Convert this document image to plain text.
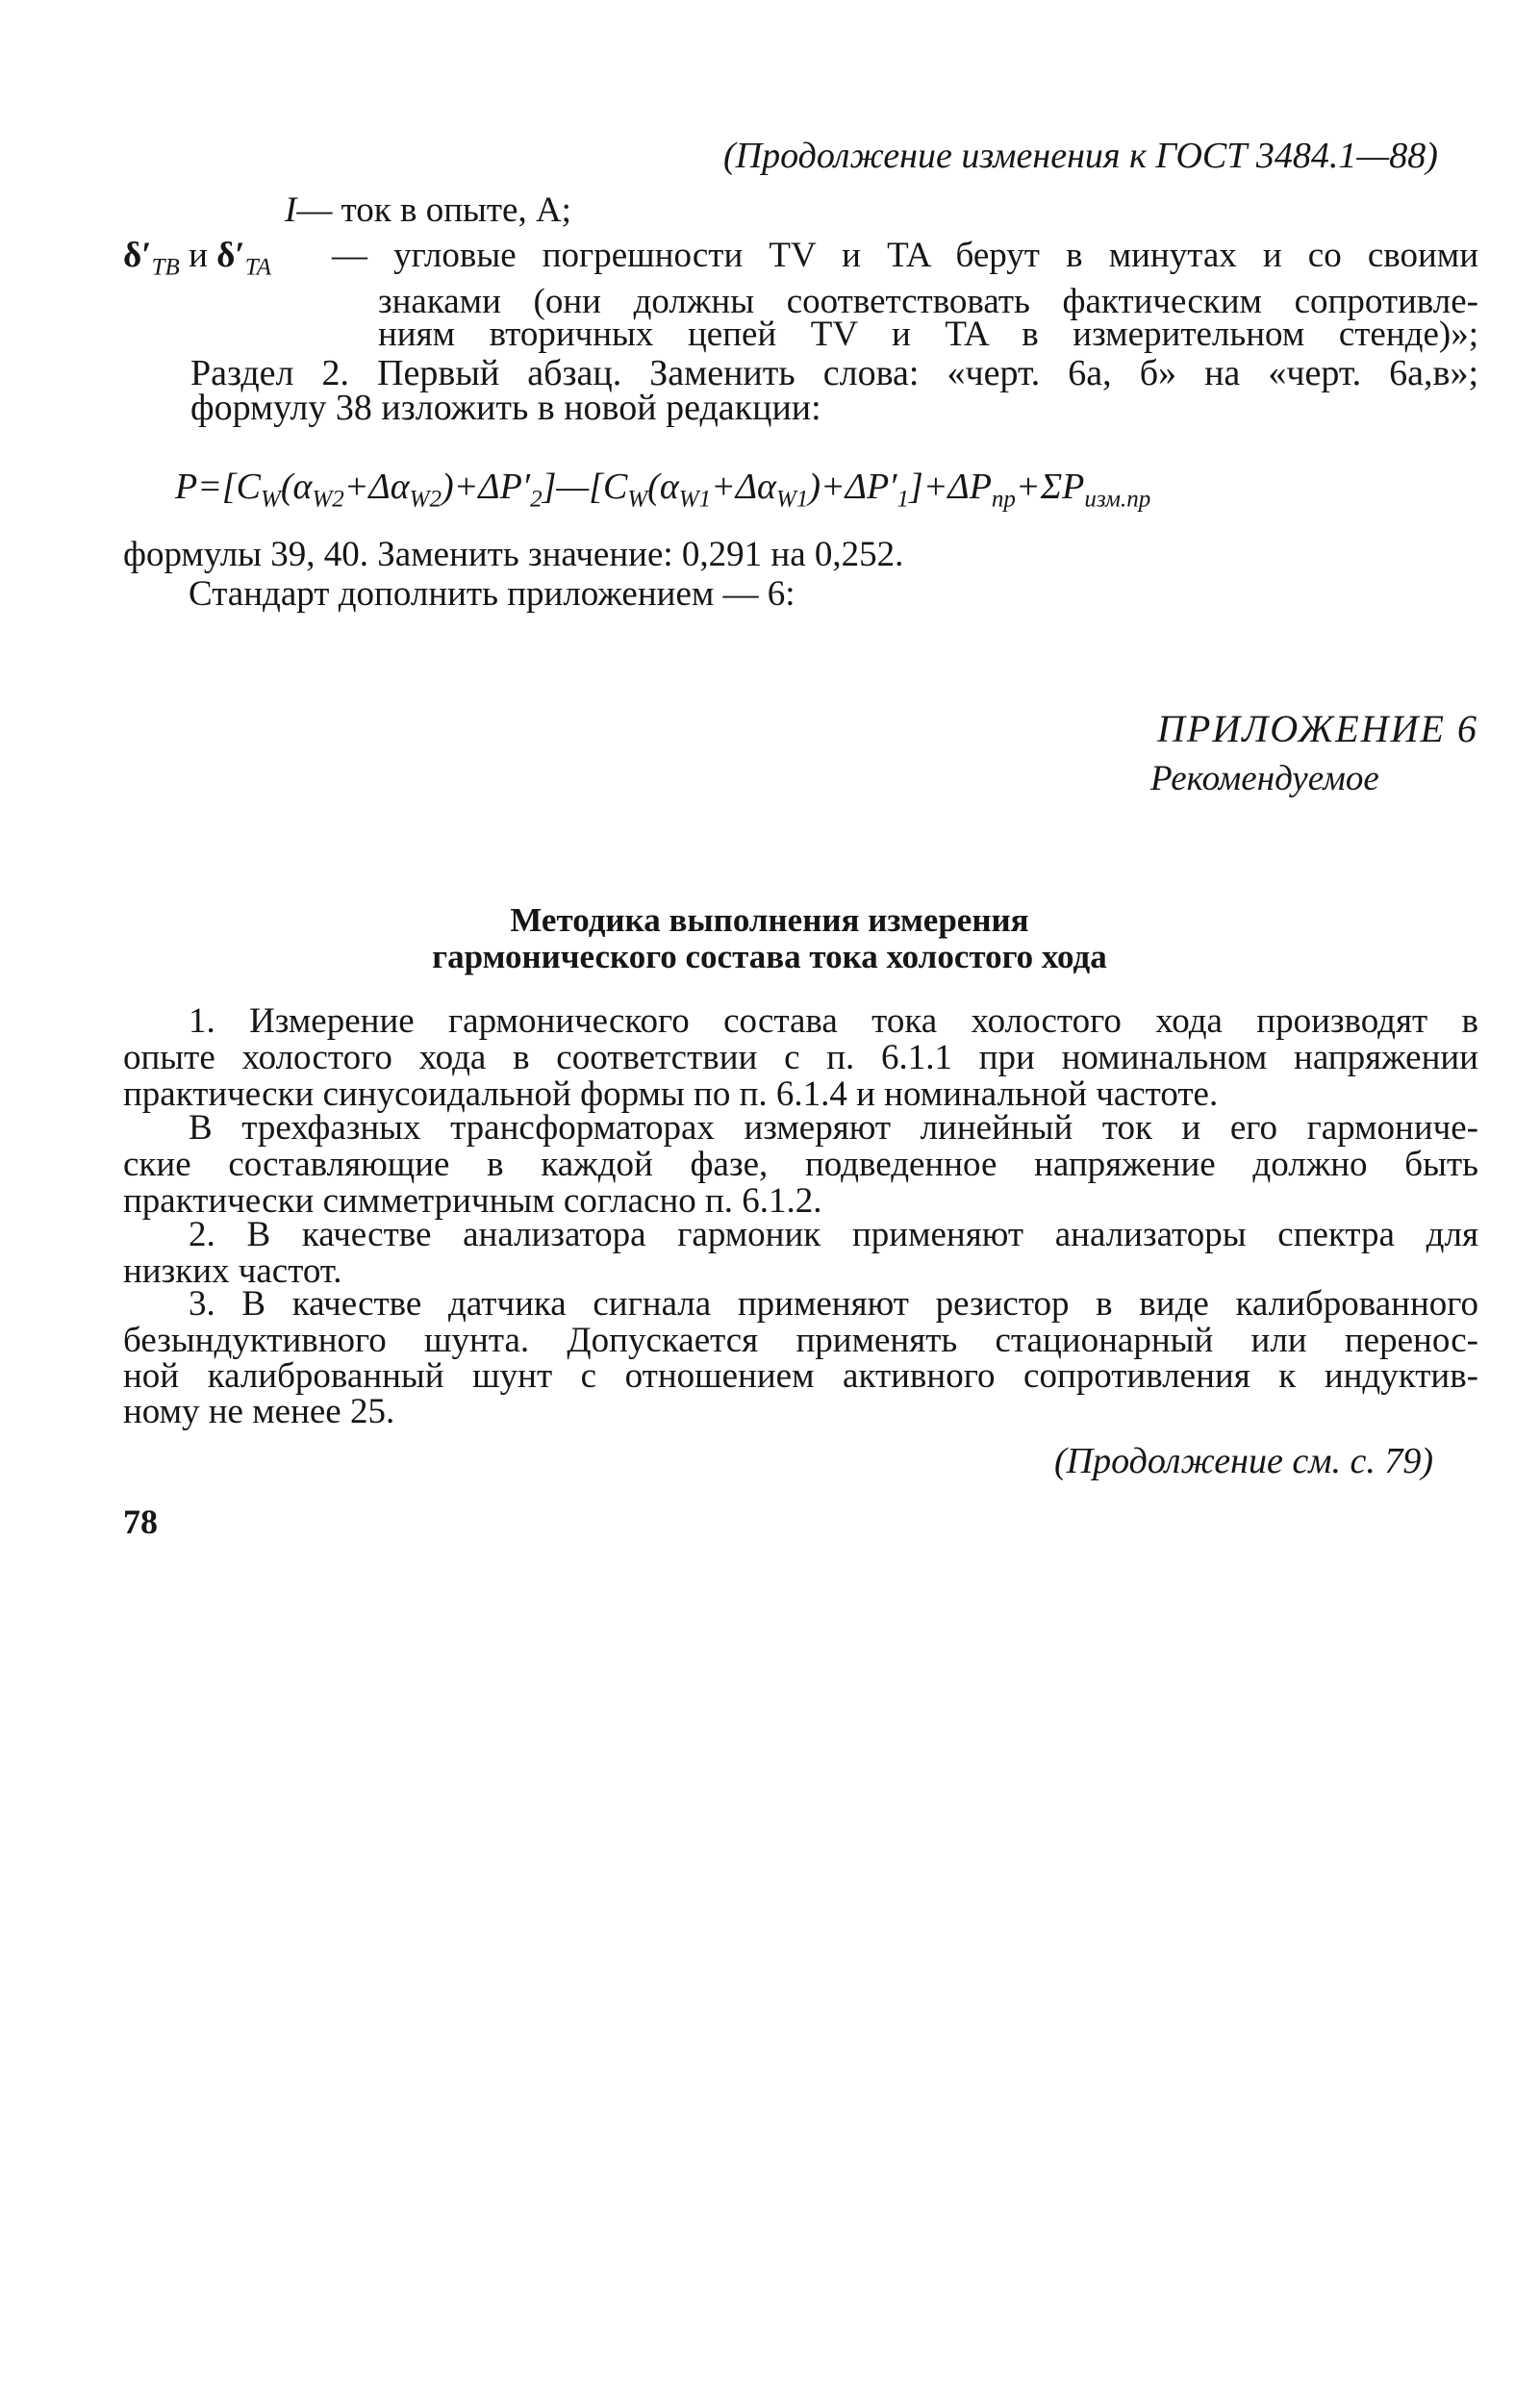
(Продолжение изменения к ГОСТ 3484.1—88)
I— ток в опыте, А;
$\delta'_{TB}$ и $\delta'_{TA}$ — угловые погрешности TV и TA берут в минутах и со своими
знаками (они должны соответствовать фактическим сопротивле-
ниям вторичных цепей TV и TA в измерительном стенде)»;
Раздел 2. Первый абзац. Заменить слова: «черт. 6а, б» на «черт. 6а,в»;
формулу 38 изложить в новой редакции:
$P=[C_W(\alpha_{W2}+\Delta\alpha_{W2})+\Delta P'_2]—[C_W(\alpha_{W1}+\Delta\alpha_{W1})+\Delta P'_1]+\Delta P_{пр}+\Sigma P_{изм.пр}$
формулы 39, 40. Заменить значение: 0,291 на 0,252.
Стандарт дополнить приложением — 6:
ПРИЛОЖЕНИЕ 6
Рекомендуемое
Методика выполнения измерения
гармонического состава тока холостого хода
1. Измерение гармонического состава тока холостого хода производят в
опыте холостого хода в соответствии с п. 6.1.1 при номинальном напряжении
практически синусоидальной формы по п. 6.1.4 и номинальной частоте.
В трехфазных трансформаторах измеряют линейный ток и его гармониче-
ские составляющие в каждой фазе, подведенное напряжение должно быть
практически симметричным согласно п. 6.1.2.
2. В качестве анализатора гармоник применяют анализаторы спектра для
низких частот.
3. В качестве датчика сигнала применяют резистор в виде калиброванного
безындуктивного шунта. Допускается применять стационарный или перенос-
ной калиброванный шунт с отношением активного сопротивления к индуктив-
ному не менее 25.
(Продолжение см. с. 79)
78
